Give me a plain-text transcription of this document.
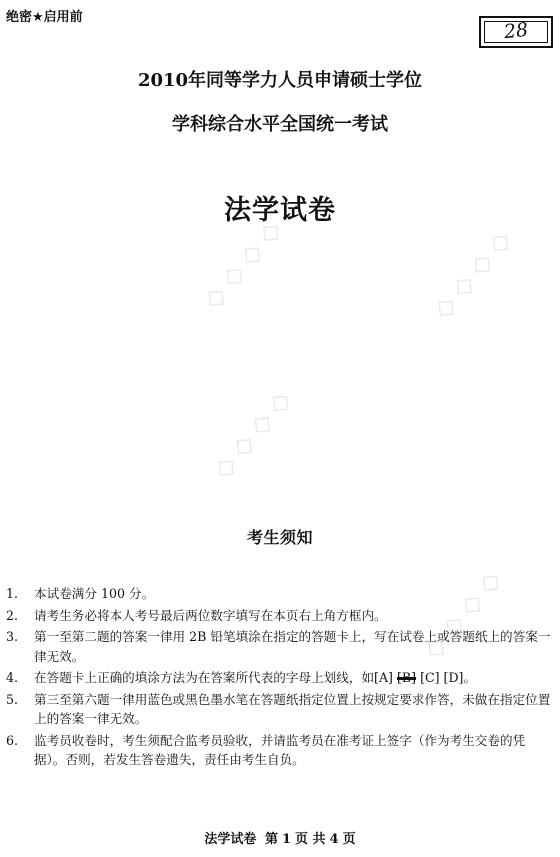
◇ ◇ ◇ ◇	◇ ◇ ◇ ◇
◇ ◇ ◇ ◇
◇ ◇ ◇ ◇
绝密★启用前
28
2010年同等学力人员申请硕士学位
学科综合水平全国统一考试
法学试卷
考生须知
1. 本试卷满分 100 分。
2. 请考生务必将本人考号最后两位数字填写在本页右上角方框内。
3. 第一至第二题的答案一律用 2B 铅笔填涂在指定的答题卡上，写在试卷上或答题纸上的答案一律无效。
4. 在答题卡上正确的填涂方法为在答案所代表的字母上划线，如[A] [B] [C] [D]。
5. 第三至第六题一律用蓝色或黑色墨水笔在答题纸指定位置上按规定要求作答，未做在指定位置上的答案一律无效。
6. 监考员收卷时，考生须配合监考员验收，并请监考员在准考证上签字（作为考生交卷的凭据）。否则，若发生答卷遗失，责任由考生自负。
法学试卷 第 1 页 共 4 页
